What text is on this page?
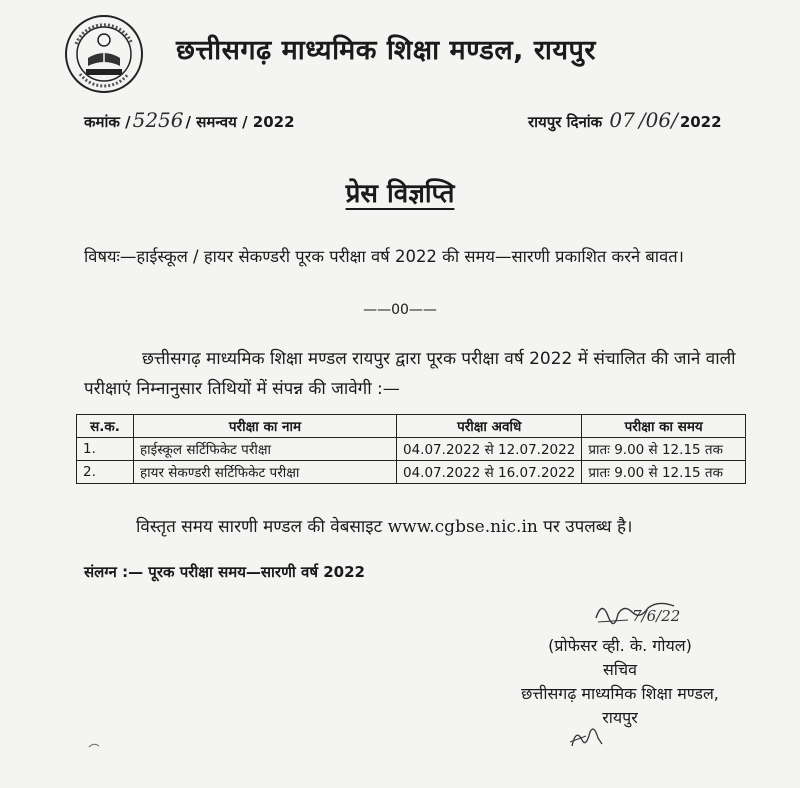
छत्तीसगढ़ माध्यमिक शिक्षा मण्डल, रायपुर
कमांक / 5256 / समन्वय / 2022	रायपुर दिनांक 07 /06/ 2022
प्रेस विज्ञप्ति
विषयः—हाईस्कूल / हायर सेकण्डरी पूरक परीक्षा वर्ष 2022 की समय—सारणी प्रकाशित करने बावत।
——00——
छत्तीसगढ़ माध्यमिक शिक्षा मण्डल रायपुर द्वारा पूरक परीक्षा वर्ष 2022 में संचालित की जाने वाली परीक्षाएं निम्नानुसार तिथियों में संपन्न की जावेगी :—
स.क.	परीक्षा का नाम	परीक्षा अवधि	परीक्षा का समय
1.	हाईस्कूल सर्टिफिकेट परीक्षा	04.07.2022 से 12.07.2022	प्रातः 9.00 से 12.15 तक
2.	हायर सेकण्डरी सर्टिफिकेट परीक्षा	04.07.2022 से 16.07.2022	प्रातः 9.00 से 12.15 तक
विस्तृत समय सारणी मण्डल की वेबसाइट www.cgbse.nic.in पर उपलब्ध है।
संलग्न :— पूरक परीक्षा समय—सारणी वर्ष 2022
7/6/22
(प्रोफेसर व्ही. के. गोयल)
सचिव
छत्तीसगढ़ माध्यमिक शिक्षा मण्डल,
रायपुर
